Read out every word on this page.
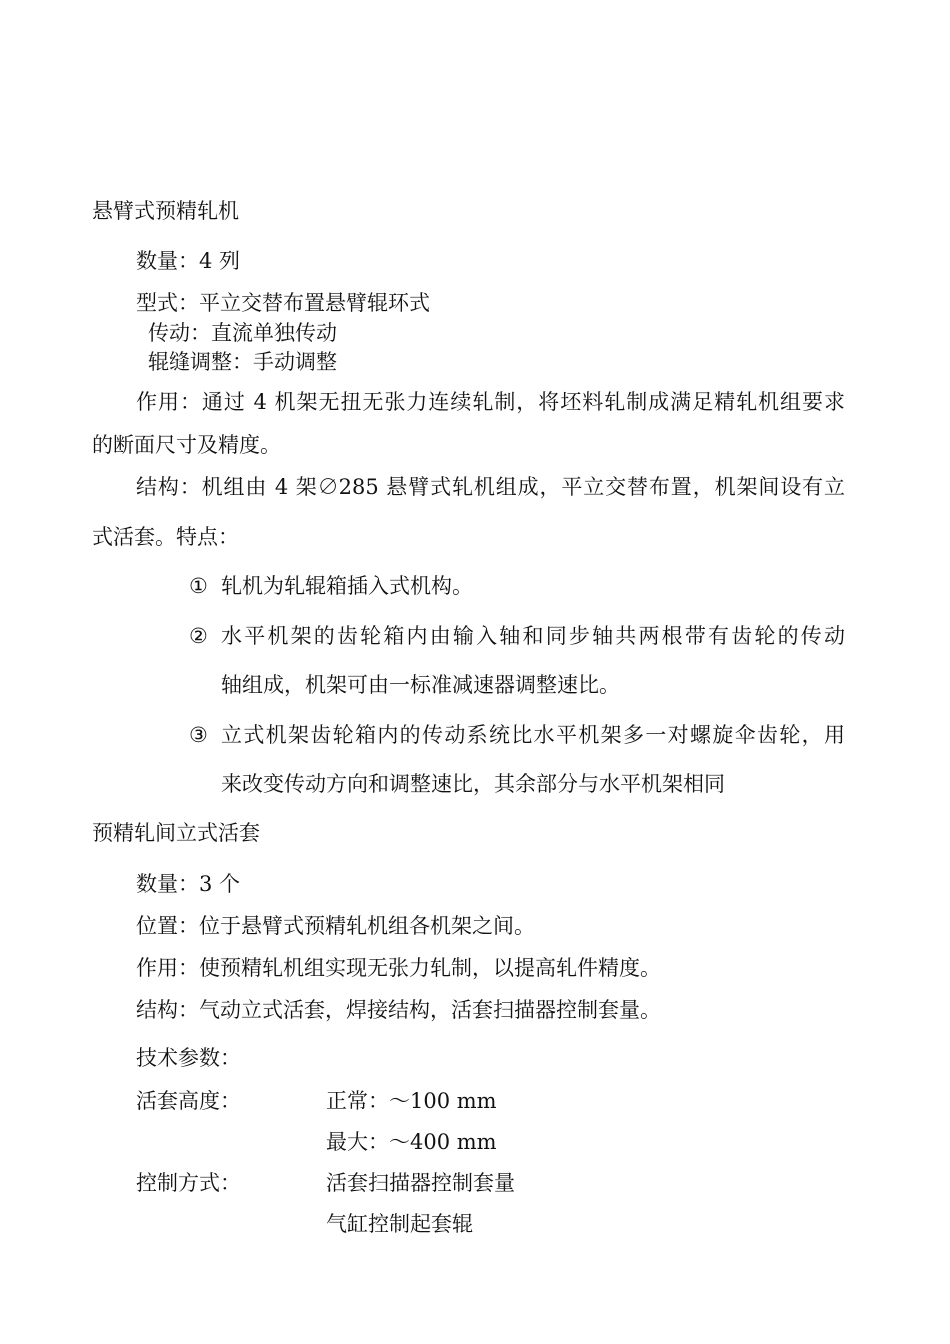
悬臂式预精轧机

数量：4 列

型式：平立交替布置悬臂辊环式

传动：直流单独传动

辊缝调整：手动调整

作用：通过 4 机架无扭无张力连续轧制，将坯料轧制成满足精轧机组要求

的断面尺寸及精度。

结构：机组由 4 架∅285 悬臂式轧机组成，平立交替布置，机架间设有立

式活套。特点：

① 轧机为轧辊箱插入式机构。

② 水平机架的齿轮箱内由输入轴和同步轴共两根带有齿轮的传动

轴组成，机架可由一标准减速器调整速比。

③ 立式机架齿轮箱内的传动系统比水平机架多一对螺旋伞齿轮，用

来改变传动方向和调整速比，其余部分与水平机架相同

预精轧间立式活套

数量：3 个

位置：位于悬臂式预精轧机组各机架之间。

作用：使预精轧机组实现无张力轧制，以提高轧件精度。

结构：气动立式活套，焊接结构，活套扫描器控制套量。

技术参数：

活套高度：	正常：～100 mm

最大：～400 mm

控制方式：	活套扫描器控制套量

气缸控制起套辊
